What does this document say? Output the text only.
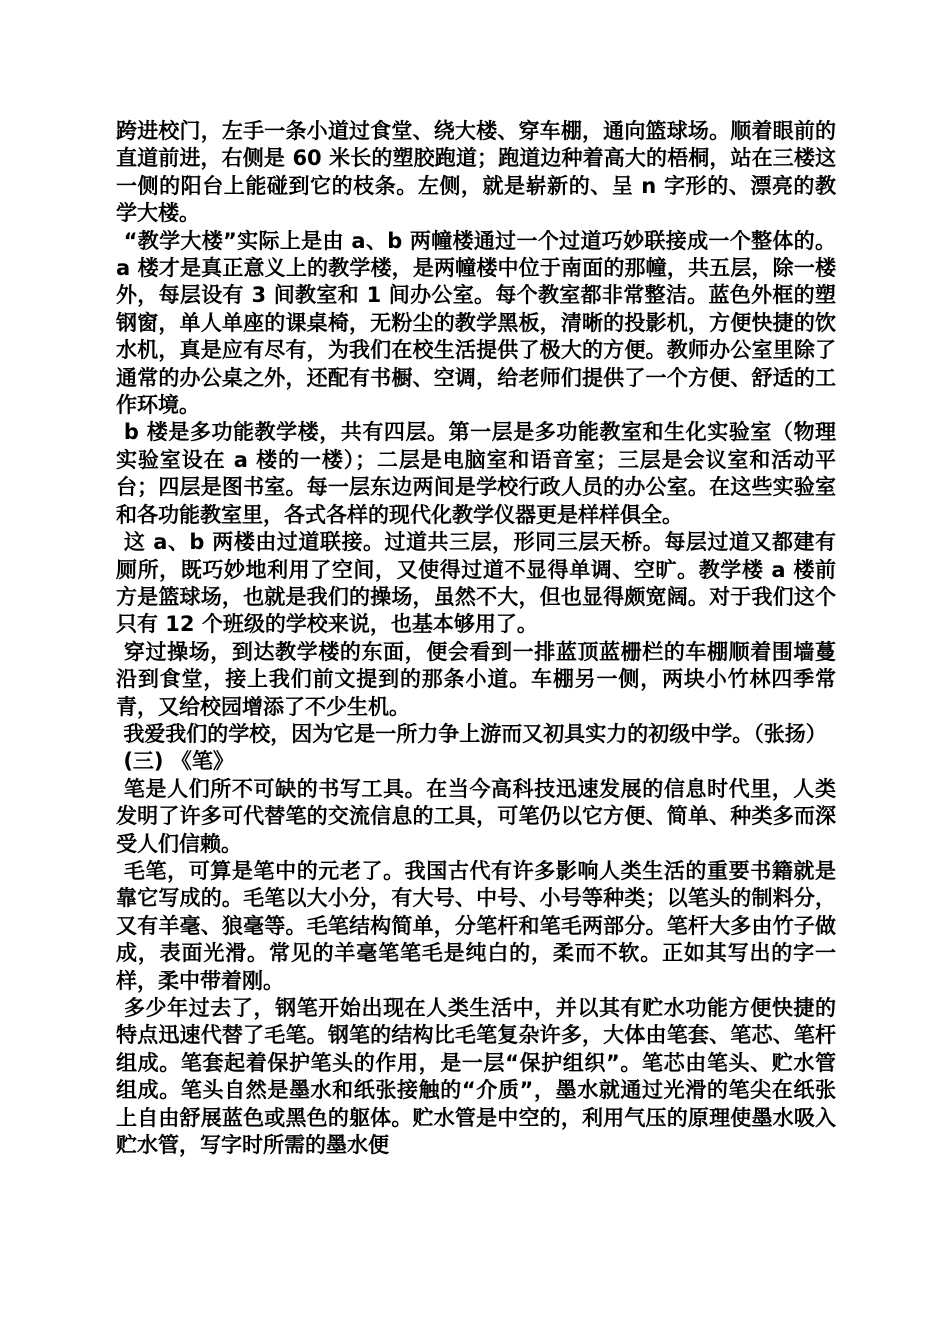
跨进校门，左手一条小道过食堂、绕大楼、穿车棚，通向篮球场。顺着眼前的直道前进，右侧是 60 米长的塑胶跑道；跑道边种着高大的梧桐，站在三楼这一侧的阳台上能碰到它的枝条。左侧，就是崭新的、呈 n 字形的、漂亮的教学大楼。

“教学大楼”实际上是由 a、b 两幢楼通过一个过道巧妙联接成一个整体的。a 楼才是真正意义上的教学楼，是两幢楼中位于南面的那幢，共五层，除一楼外，每层设有 3 间教室和 1 间办公室。每个教室都非常整洁。蓝色外框的塑钢窗，单人单座的课桌椅，无粉尘的教学黑板，清晰的投影机，方便快捷的饮水机，真是应有尽有，为我们在校生活提供了极大的方便。教师办公室里除了通常的办公桌之外，还配有书橱、空调，给老师们提供了一个方便、舒适的工作环境。

b 楼是多功能教学楼，共有四层。第一层是多功能教室和生化实验室（物理实验室设在 a 楼的一楼）；二层是电脑室和语音室；三层是会议室和活动平台；四层是图书室。每一层东边两间是学校行政人员的办公室。在这些实验室和各功能教室里，各式各样的现代化教学仪器更是样样俱全。

这 a、b 两楼由过道联接。过道共三层，形同三层天桥。每层过道又都建有厕所，既巧妙地利用了空间，又使得过道不显得单调、空旷。教学楼 a 楼前方是篮球场，也就是我们的操场，虽然不大，但也显得颇宽阔。对于我们这个只有 12 个班级的学校来说，也基本够用了。

穿过操场，到达教学楼的东面，便会看到一排蓝顶蓝栅栏的车棚顺着围墙蔓沿到食堂，接上我们前文提到的那条小道。车棚另一侧，两块小竹林四季常青，又给校园增添了不少生机。

我爱我们的学校，因为它是一所力争上游而又初具实力的初级中学。（张扬）

(三) 《笔》

笔是人们所不可缺的书写工具。在当今高科技迅速发展的信息时代里，人类发明了许多可代替笔的交流信息的工具，可笔仍以它方便、简单、种类多而深受人们信赖。

毛笔，可算是笔中的元老了。我国古代有许多影响人类生活的重要书籍就是靠它写成的。毛笔以大小分，有大号、中号、小号等种类；以笔头的制料分，又有羊毫、狼毫等。毛笔结构简单，分笔杆和笔毛两部分。笔杆大多由竹子做成，表面光滑。常见的羊毫笔笔毛是纯白的，柔而不软。正如其写出的字一样，柔中带着刚。

多少年过去了，钢笔开始出现在人类生活中，并以其有贮水功能方便快捷的特点迅速代替了毛笔。钢笔的结构比毛笔复杂许多，大体由笔套、笔芯、笔杆组成。笔套起着保护笔头的作用，是一层“保护组织”。笔芯由笔头、贮水管组成。笔头自然是墨水和纸张接触的“介质”，墨水就通过光滑的笔尖在纸张上自由舒展蓝色或黑色的躯体。贮水管是中空的，利用气压的原理使墨水吸入贮水管，写字时所需的墨水便
